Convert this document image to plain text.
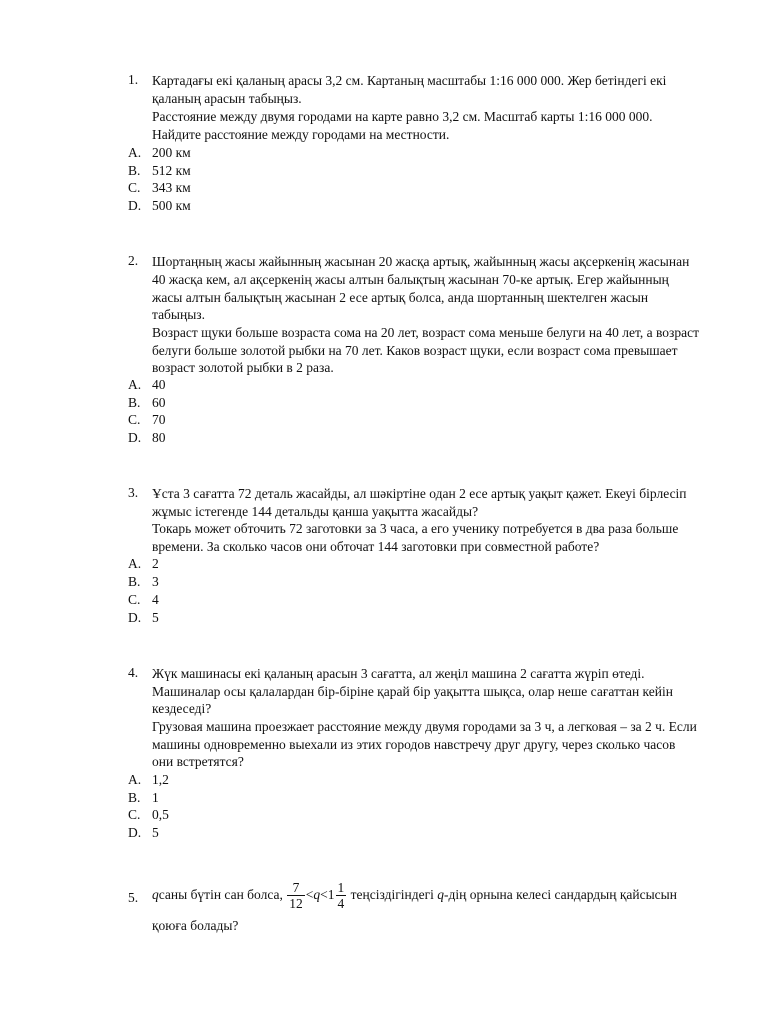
1. Картадағы екі қаланың арасы 3,2 см. Картаның масштабы 1:16 000 000. Жер бетіндегі екі
қаланың арасын табыңыз.
Расстояние между двумя городами на карте равно 3,2 см. Масштаб карты 1:16 000 000.
Найдите расстояние между городами на местности.
A. 200 км
B. 512 км
C. 343 км
D. 500 км
2. Шортаңның жасы жайынның жасынан 20 жасқа артық, жайынның жасы ақсеркенің жасынан
40 жасқа кем, ал ақсеркенің жасы алтын балықтың жасынан 70-ке артық. Егер жайынның
жасы алтын балықтың жасынан 2 есе артық болса, анда шортанның шектелген жасын
табыңыз.
Возраст щуки больше возраста сома на 20 лет, возраст сома меньше белуги на 40 лет, а возраст
белуги больше золотой рыбки на 70 лет. Каков возраст щуки, если возраст сома превышает
возраст золотой рыбки в 2 раза.
A. 40
B. 60
C. 70
D. 80
3. Ұста 3 сағатта 72 деталь жасайды, ал шәкіртіне одан 2 есе артық уақыт қажет. Екеуі бірлесіп
жұмыс істегенде 144 детальды қанша уақытта жасайды?
Токарь может обточить 72 заготовки за 3 часа, а его ученику потребуется в два раза больше
времени. За сколько часов они обточат 144 заготовки при совместной работе?
A. 2
B. 3
C. 4
D. 5
4. Жүк машинасы екі қаланың арасын 3 сағатта, ал жеңіл машина 2 сағатта жүріп өтеді.
Машиналар осы қалалардан бір-біріне қарай бір уақытта шықса, олар неше сағаттан кейін
кездеседі?
Грузовая машина проезжает расстояние между двумя городами за 3 ч, а легковая – за 2 ч. Если
машины одновременно выехали из этих городов навстречу друг другу, через сколько часов
они встретятся?
A. 1,2
B. 1
C. 0,5
D. 5
5. qсаны бүтін сан болса, $\frac{7}{12} <q<1 \frac{1}{4}$ теңсіздігіндегі q-дің орнына келесі сандардың қайсысын
қоюға болады?
